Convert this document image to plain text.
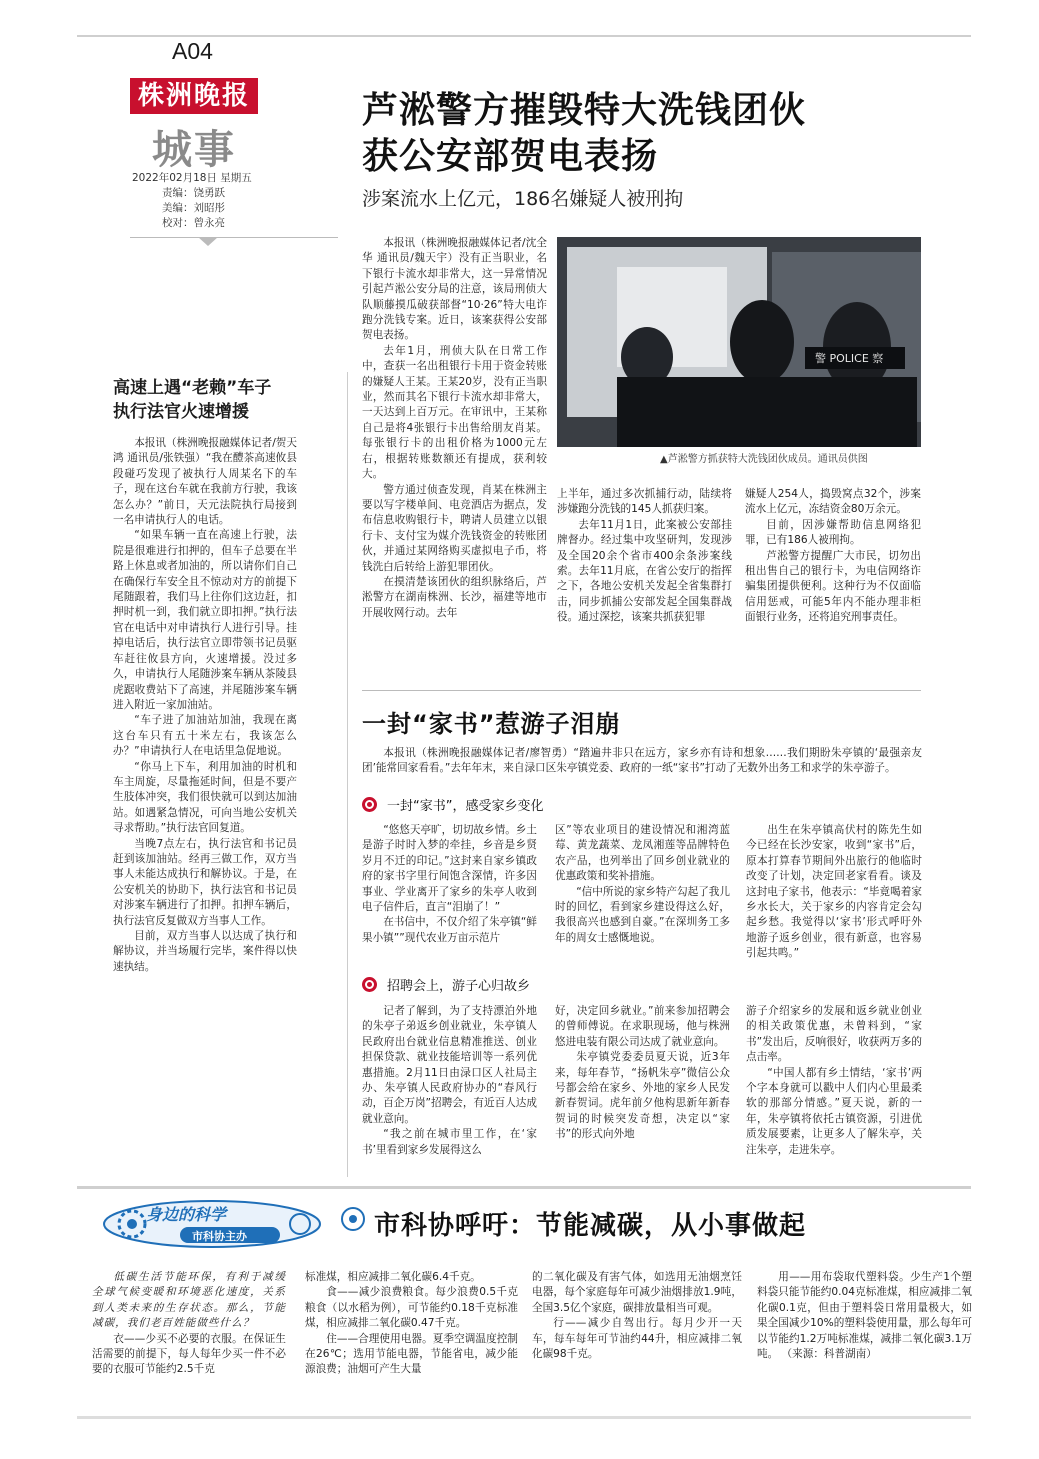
A04
株洲晚报
城事
2022年02月18日 星期五
责编：饶勇跃
美编：刘昭彤
校对：曾永亮
芦淞警方摧毁特大洗钱团伙
获公安部贺电表扬
涉案流水上亿元，186名嫌疑人被刑拘

本报讯（株洲晚报融媒体记者/沈全华 通讯员/魏天宇）没有正当职业，名下银行卡流水却非常大，这一异常情况引起芦淞公安分局的注意，该局刑侦大队顺藤摸瓜破获部督“10·26”特大电诈跑分洗钱专案。近日，该案获得公安部贺电表扬。

去年1月，刑侦大队在日常工作中，查获一名出租银行卡用于资金转账的嫌疑人王某。王某20岁，没有正当职业，然而其名下银行卡流水却非常大，一天达到上百万元。在审讯中，王某称自己是将4张银行卡出售给朋友肖某。每张银行卡的出租价格为1000元左右，根据转账数额还有提成，获利较大。

警方通过侦查发现，肖某在株洲主要以写字楼单间、电竞酒店为据点，发布信息收购银行卡，聘请人员建立以银行卡、支付宝为媒介洗钱资金的转账团伙，并通过某网络购买虚拟电子币，将钱洗白后转给上游犯罪团伙。

在摸清楚该团伙的组织脉络后，芦淞警方在湖南株洲、长沙，福建等地市开展收网行动。去年

警 POLICE 察
▲芦淞警方抓获特大洗钱团伙成员。通讯员供图

上半年，通过多次抓捕行动，陆续将涉嫌跑分洗钱的145人抓获归案。

去年11月1日，此案被公安部挂牌督办。经过集中攻坚研判，发现涉及全国20余个省市400余条涉案线索。去年11月底，在省公安厅的指挥之下，各地公安机关发起全省集群打击，同步抓捕公安部发起全国集群战役。通过深挖，该案共抓获犯罪

嫌疑人254人，捣毁窝点32个，涉案流水上亿元，冻结资金80万余元。

目前，因涉嫌帮助信息网络犯罪，已有186人被刑拘。

芦淞警方提醒广大市民，切勿出租出售自己的银行卡，为电信网络诈骗集团提供便利。这种行为不仅面临信用惩戒，可能5年内不能办理非柜面银行业务，还将追究刑事责任。

高速上遇“老赖”车子
执行法官火速增援

本报讯（株洲晚报融媒体记者/贺天鸿 通讯员/张铁强）“我在醴茶高速攸县段碰巧发现了被执行人周某名下的车子，现在这台车就在我前方行驶，我该怎么办？”前日，天元法院执行局接到一名申请执行人的电话。

“如果车辆一直在高速上行驶，法院是很难进行扣押的，但车子总要在半路上休息或者加油的，所以请你们自己在确保行车安全且不惊动对方的前提下尾随跟着，我们马上往你们这边赶，扣押时机一到，我们就立即扣押。”执行法官在电话中对申请执行人进行引导。挂掉电话后，执行法官立即带领书记员驱车赶往攸县方向，火速增援。没过多久，申请执行人尾随涉案车辆从茶陵县虎踞收费站下了高速，并尾随涉案车辆进入附近一家加油站。

“车子进了加油站加油，我现在离这台车只有五十米左右，我该怎么办？”申请执行人在电话里急促地说。

“你马上下车，利用加油的时机和车主周旋，尽量拖延时间，但是不要产生肢体冲突，我们很快就可以到达加油站。如遇紧急情况，可向当地公安机关寻求帮助。”执行法官回复道。

当晚7点左右，执行法官和书记员赶到该加油站。经再三做工作，双方当事人未能达成执行和解协议。于是，在公安机关的协助下，执行法官和书记员对涉案车辆进行了扣押。扣押车辆后，执行法官反复做双方当事人工作。

目前，双方当事人以达成了执行和解协议，并当场履行完毕，案件得以快速执结。

一封“家书”惹游子泪崩

本报讯（株洲晚报融媒体记者/廖智勇）“踏遍井非只在远方，家乡亦有诗和想象……我们期盼朱亭镇的‘最强亲友团’能常回家看看。”去年年末，来自渌口区朱亭镇党委、政府的一纸“家书”打动了无数外出务工和求学的朱亭游子。

一封“家书”，感受家乡变化

“悠悠天亭旷，切切故乡情。乡土是游子时时入梦的牵挂，乡音是乡贤岁月不迁的印记。”这封来自家乡镇政府的家书字里行间饱含深情，许多因事业、学业离开了家乡的朱亭人收到电子信件后，直言“泪崩了！”

在书信中，不仅介绍了朱亭镇“鲜果小镇””现代农业万亩示范片

区”等农业项目的建设情况和湘湾蓝莓、黄龙蔬菜、龙凤湘莲等品牌特色农产品，也列举出了回乡创业就业的优惠政策和奖补措施。

“信中所说的家乡特产勾起了我儿时的回忆，看到家乡建设得这么好，我很高兴也感到自豪。”在深圳务工多年的周女士感慨地说。

出生在朱亭镇高伏村的陈先生如今已经在长沙安家，收到“家书”后，原本打算春节期间外出旅行的他临时改变了计划，决定回老家看看。谈及这封电子家书，他表示：“毕竟喝着家乡水长大，关于家乡的内容肯定会勾起乡愁。我觉得以‘家书’形式呼吁外地游子返乡创业，很有新意，也容易引起共鸣。”

招聘会上，游子心归故乡

记者了解到，为了支持漂泊外地的朱亭子弟返乡创业就业，朱亭镇人民政府出台就业信息精准推送、创业担保贷款、就业技能培训等一系列优惠措施。2月11日由渌口区人社局主办、朱亭镇人民政府协办的“春风行动，百企万岗”招聘会，有近百人达成就业意向。

“我之前在城市里工作，在‘家书’里看到家乡发展得这么

好，决定回乡就业。”前来参加招聘会的曾师傅说。在求职现场，他与株洲悠进电装有限公司达成了就业意向。

朱亭镇党委委员夏天说，近3年来，每年春节，“扬帆朱亭”微信公众号都会给在家乡、外地的家乡人民发新春贺词。虎年前夕他构思新年新春贺词的时候突发奇想，决定以“家书”的形式向外地

游子介绍家乡的发展和返乡就业创业的相关政策优惠，未曾料到，“家书”发出后，反响很好，收获两万多的点击率。

“中国人都有乡土情结，‘家书’两个字本身就可以戳中人们内心里最柔软的那部分情感。”夏天说，新的一年，朱亭镇将依托古镇资源，引进优质发展要素，让更多人了解朱亭，关注朱亭，走进朱亭。

身边的科学
市科协主办	市科协呼吁：节能减碳，从小事做起

低碳生活节能环保，有利于减缓全球气候变暖和环境恶化速度，关系到人类未来的生存状态。那么，节能减碳，我们老百姓能做些什么？

衣——少买不必要的衣服。在保证生活需要的前提下，每人每年少买一件不必要的衣服可节能约2.5千克

标准煤，相应减排二氧化碳6.4千克。

食——减少浪费粮食。每少浪费0.5千克粮食（以水稻为例），可节能约0.18千克标准煤，相应减排二氧化碳0.47千克。

住——合理使用电器。夏季空调温度控制在26℃；选用节能电器，节能省电，减少能源浪费；油烟可产生大量

的二氧化碳及有害气体，如选用无油烟烹饪电器，每个家庭每年可减少油烟排放1.9吨，全国3.5亿个家庭，碳排放量相当可观。

行——减少自驾出行。每月少开一天车，每车每年可节油约44升，相应减排二氧化碳98千克。

用——用布袋取代塑料袋。少生产1个塑料袋只能节能约0.04克标准煤，相应减排二氧化碳0.1克，但由于塑料袋日常用量极大，如果全国减少10%的塑料袋使用量，那么每年可以节能约1.2万吨标准煤，减排二氧化碳3.1万吨。 （来源：科普湖南）
